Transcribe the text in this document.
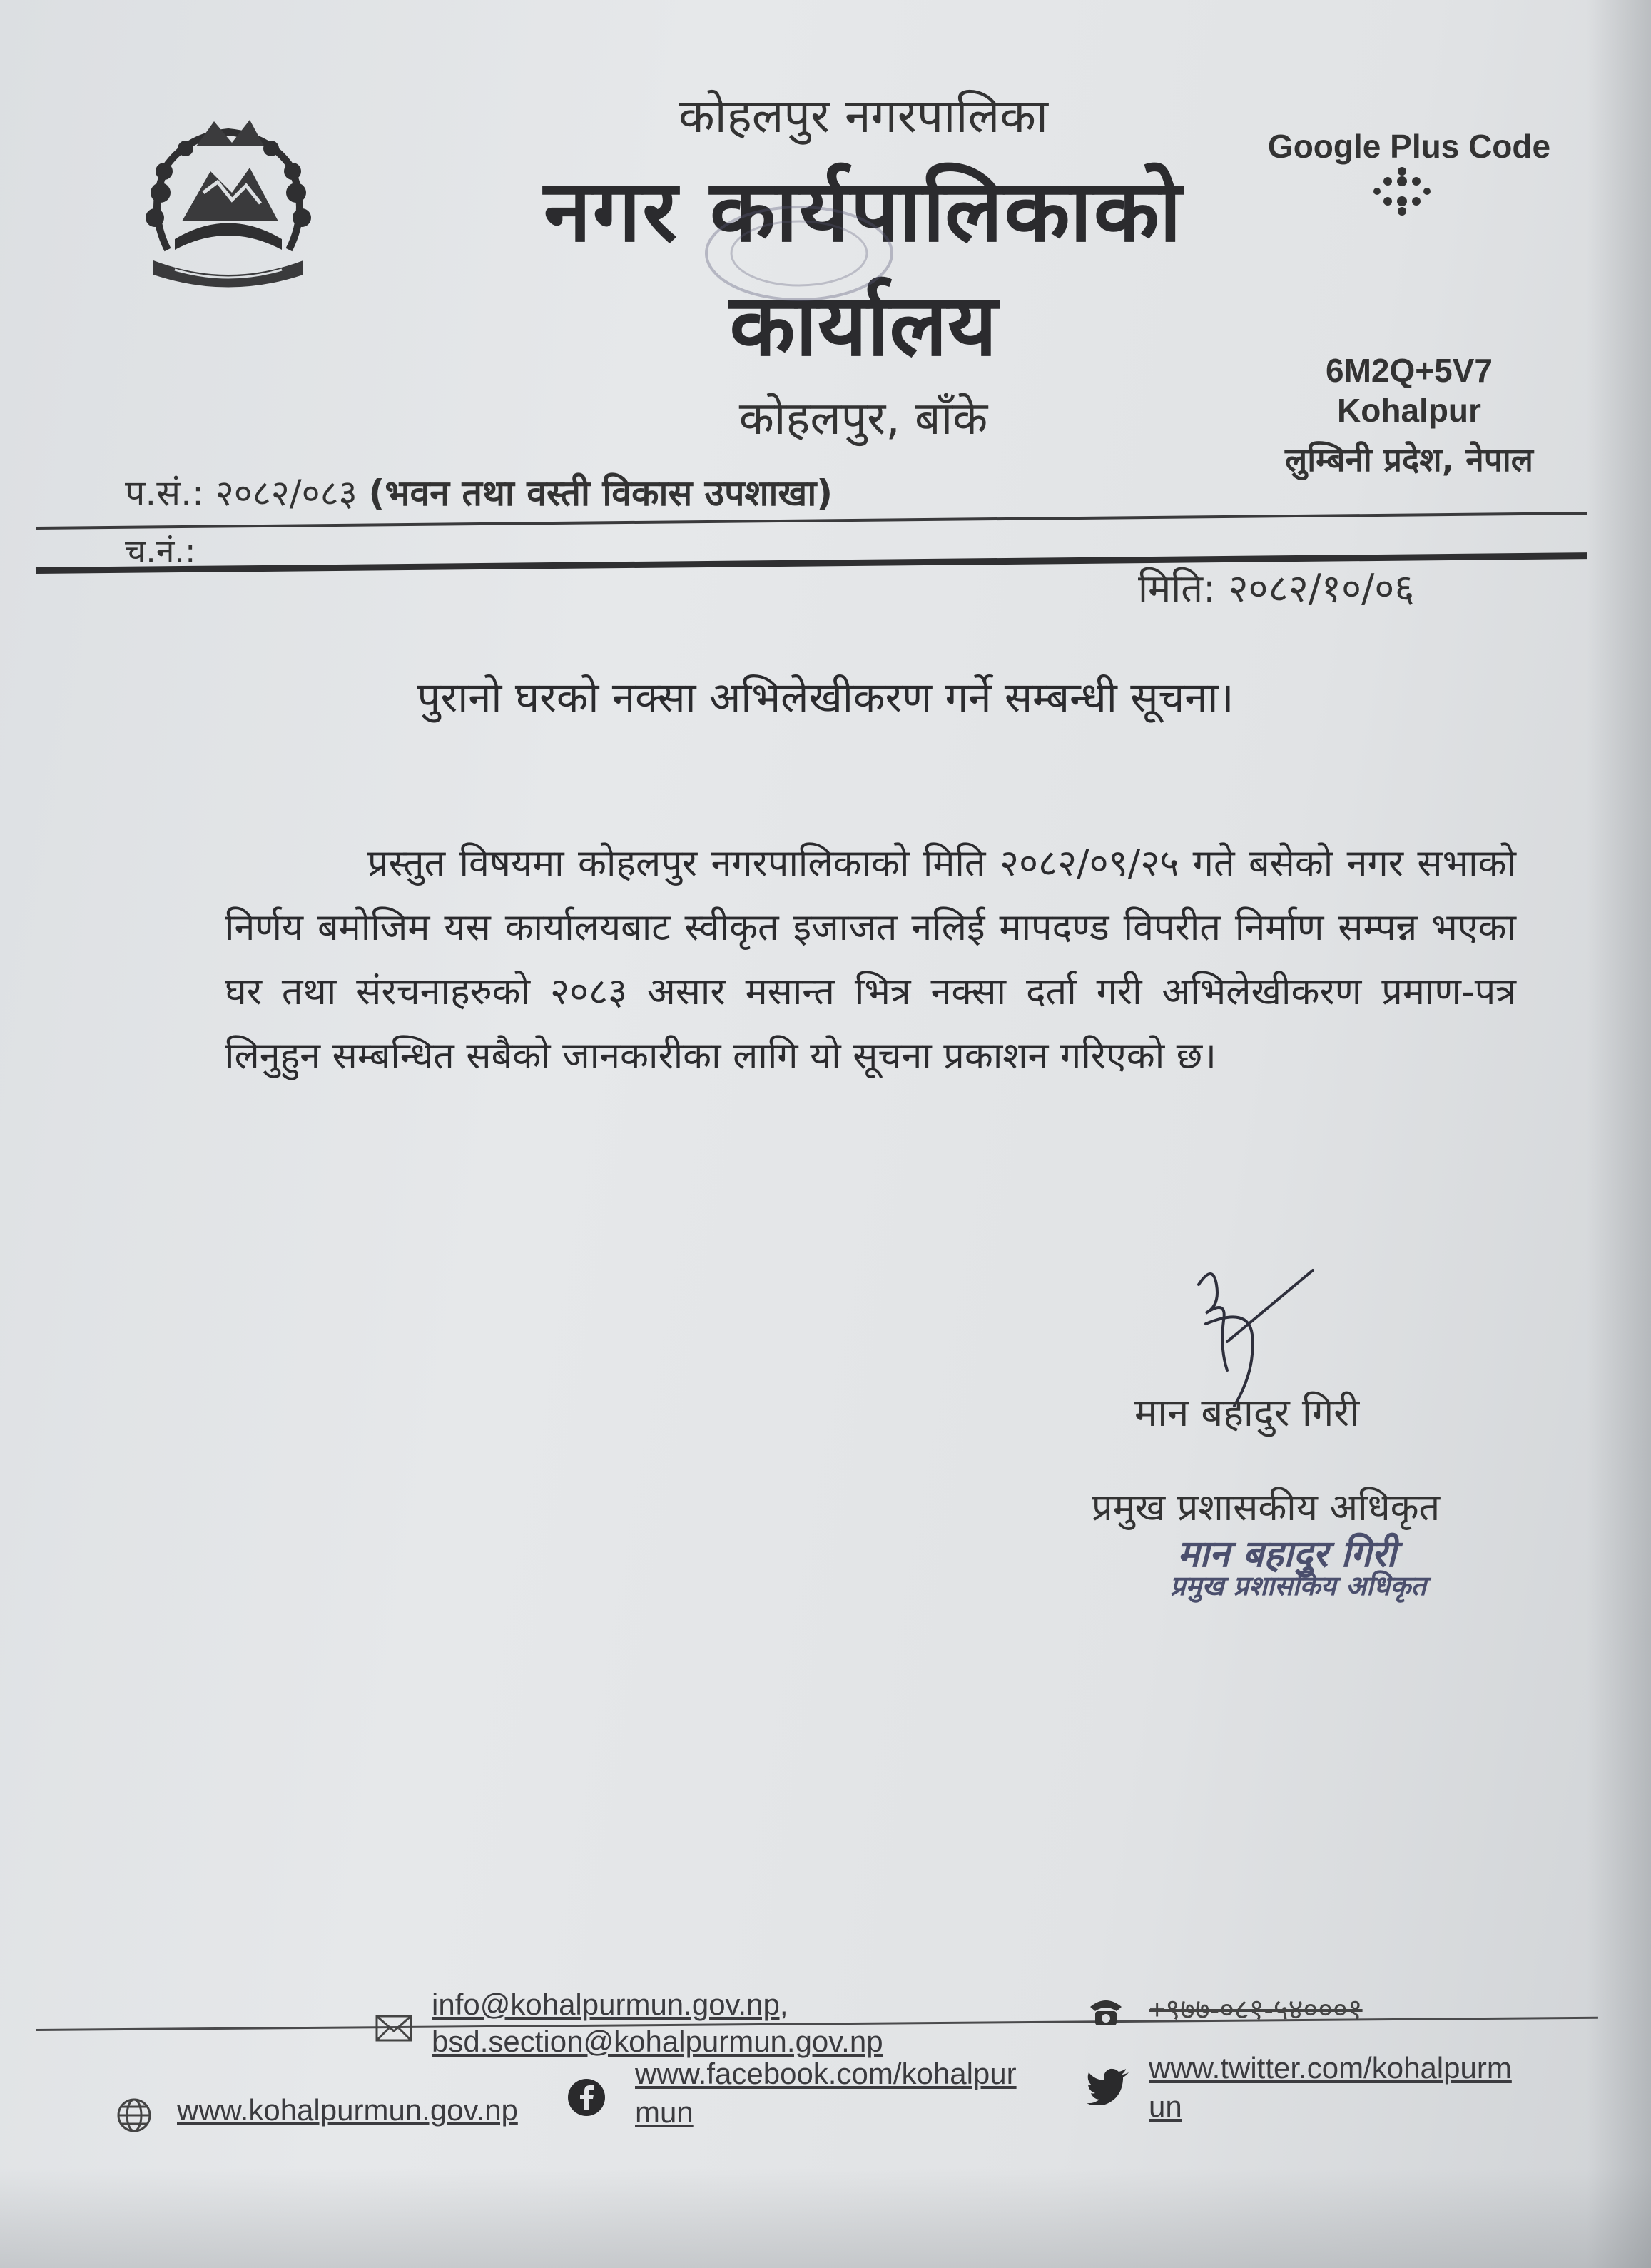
कोहलपुर नगरपालिका
नगर कार्यपालिकाको
कार्यालय
कोहलपुर, बाँके
प.सं.: २०८२/०८३ (भवन तथा वस्ती विकास उपशाखा)
च.नं.:
Google Plus Code
6M2Q+5V7
Kohalpur
लुम्बिनी प्रदेश, नेपाल
मिति: २०८२/१०/०६
पुरानो घरको नक्सा अभिलेखीकरण गर्ने सम्बन्धी सूचना।
प्रस्तुत विषयमा कोहलपुर नगरपालिकाको मिति २०८२/०९/२५ गते बसेको नगर सभाको निर्णय बमोजिम यस कार्यालयबाट स्वीकृत इजाजत नलिई मापदण्ड विपरीत निर्माण सम्पन्न भएका घर तथा संरचनाहरुको २०८३ असार मसान्त भित्र नक्सा दर्ता गरी अभिलेखीकरण प्रमाण-पत्र लिनुहुन सम्बन्धित सबैको जानकारीका लागि यो सूचना प्रकाशन गरिएको छ।
मान बहादुर गिरी
प्रमुख प्रशासकीय अधिकृत
मान बहादुर गिरी
प्रमुख प्रशासकिय अधिकृत
info@kohalpurmun.gov.np,
bsd.section@kohalpurmun.gov.np
+९७७-०८१-५४०००१
www.kohalpurmun.gov.np
www.facebook.com/kohalpur
mun
www.twitter.com/kohalpurm
un
